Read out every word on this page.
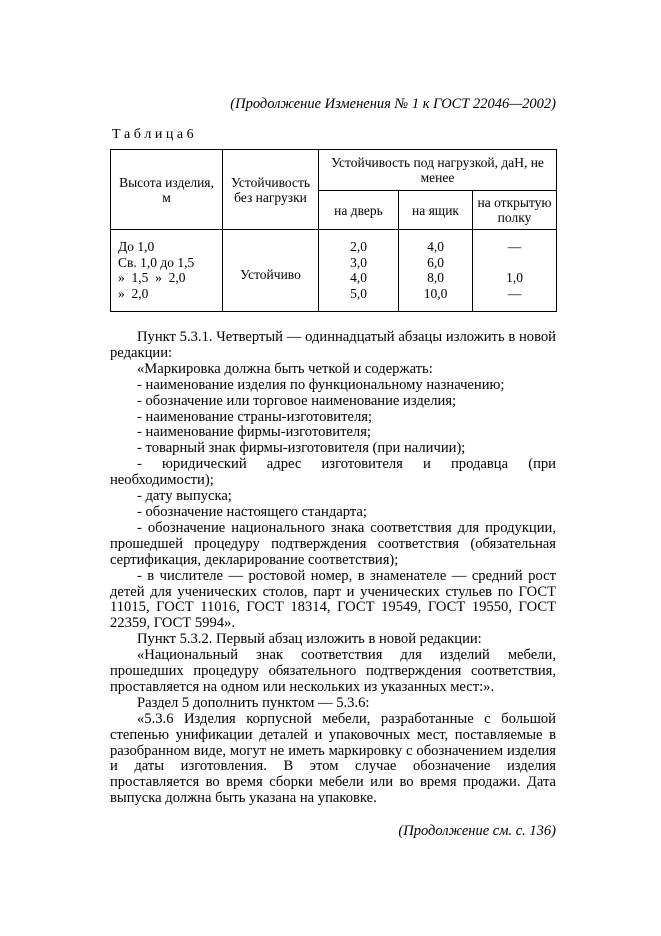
(Продолжение Изменения № 1 к ГОСТ 22046—2002)

Т а б л и ц а 6
Высота изделия, м	Устойчивость без нагрузки	Устойчивость под нагрузкой, даН, не менее		
		на дверь	на ящик	на открытую полку
До 1,0	Устойчиво	2,0	4,0	—
Св. 1,0 до 1,5		3,0	6,0	
»  1,5  »  2,0		4,0	8,0	1,0
»  2,0		5,0	10,0	—

Пункт 5.3.1. Четвертый — одиннадцатый абзацы изложить в новой редакции:

«Маркировка должна быть четкой и содержать:

- наименование изделия по функциональному назначению;

- обозначение или торговое наименование изделия;

- наименование страны-изготовителя;

- наименование фирмы-изготовителя;

- товарный знак фирмы-изготовителя (при наличии);

- юридический адрес изготовителя и продавца (при необходимости);

- дату выпуска;

- обозначение настоящего стандарта;

- обозначение национального знака соответствия для продукции, прошедшей процедуру подтверждения соответствия (обязательная сертификация, декларирование соответствия);

- в числителе — ростовой номер, в знаменателе — средний рост детей для ученических столов, парт и ученических стульев по ГОСТ 11015, ГОСТ 11016, ГОСТ 18314, ГОСТ 19549, ГОСТ 19550, ГОСТ 22359, ГОСТ 5994».

Пункт 5.3.2. Первый абзац изложить в новой редакции:

«Национальный знак соответствия для изделий мебели, прошедших процедуру обязательного подтверждения соответствия, проставляется на одном или нескольких из указанных мест:».

Раздел 5 дополнить пунктом — 5.3.6:

«5.3.6 Изделия корпусной мебели, разработанные с большой степенью унификации деталей и упаковочных мест, поставляемые в разобранном виде, могут не иметь маркировку с обозначением изделия и даты изготовления. В этом случае обозначение изделия проставляется во время сборки мебели или во время продажи. Дата выпуска должна быть указана на упаковке.

(Продолжение см. с. 136)
